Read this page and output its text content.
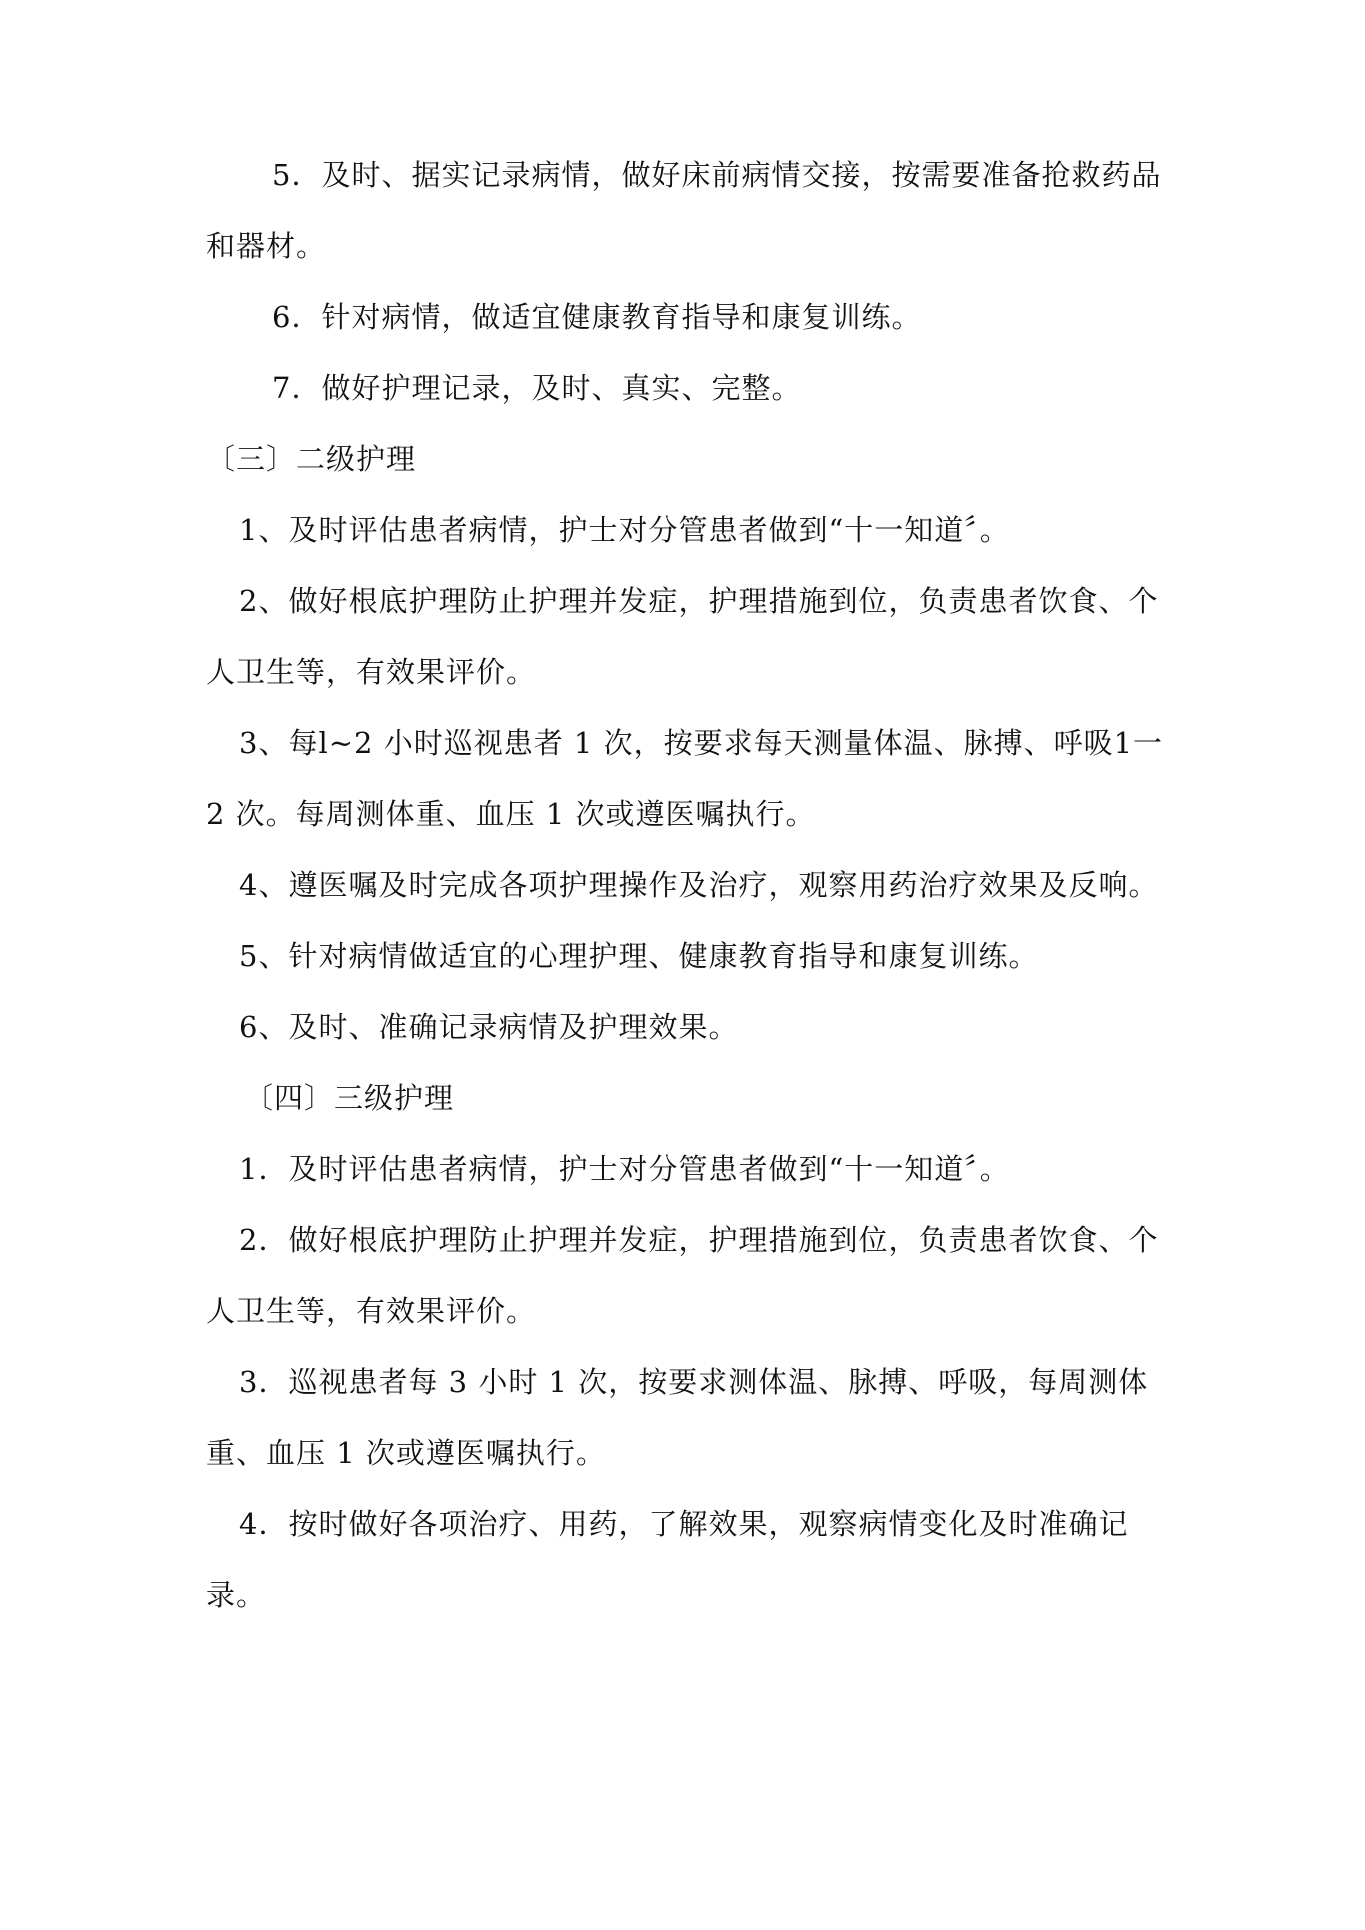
5．及时、据实记录病情，做好床前病情交接，按需要准备抢救药品和器材。

6．针对病情，做适宜健康教育指导和康复训练。

7．做好护理记录，及时、真实、完整。

〔三〕二级护理

1、及时评估患者病情，护士对分管患者做到“十一知道〞。

2、做好根底护理防止护理并发症，护理措施到位，负责患者饮食、个人卫生等，有效果评价。

3、每l~2 小时巡视患者 1 次，按要求每天测量体温、脉搏、呼吸1一 2 次。每周测体重、血压 1 次或遵医嘱执行。

4、遵医嘱及时完成各项护理操作及治疗，观察用药治疗效果及反响。

5、针对病情做适宜的心理护理、健康教育指导和康复训练。

6、及时、准确记录病情及护理效果。

〔四〕三级护理

1．及时评估患者病情，护士对分管患者做到“十一知道〞。

2．做好根底护理防止护理并发症，护理措施到位，负责患者饮食、个人卫生等，有效果评价。

3．巡视患者每 3 小时 1 次，按要求测体温、脉搏、呼吸，每周测体重、血压 1 次或遵医嘱执行。

4．按时做好各项治疗、用药，了解效果，观察病情变化及时准确记录。
